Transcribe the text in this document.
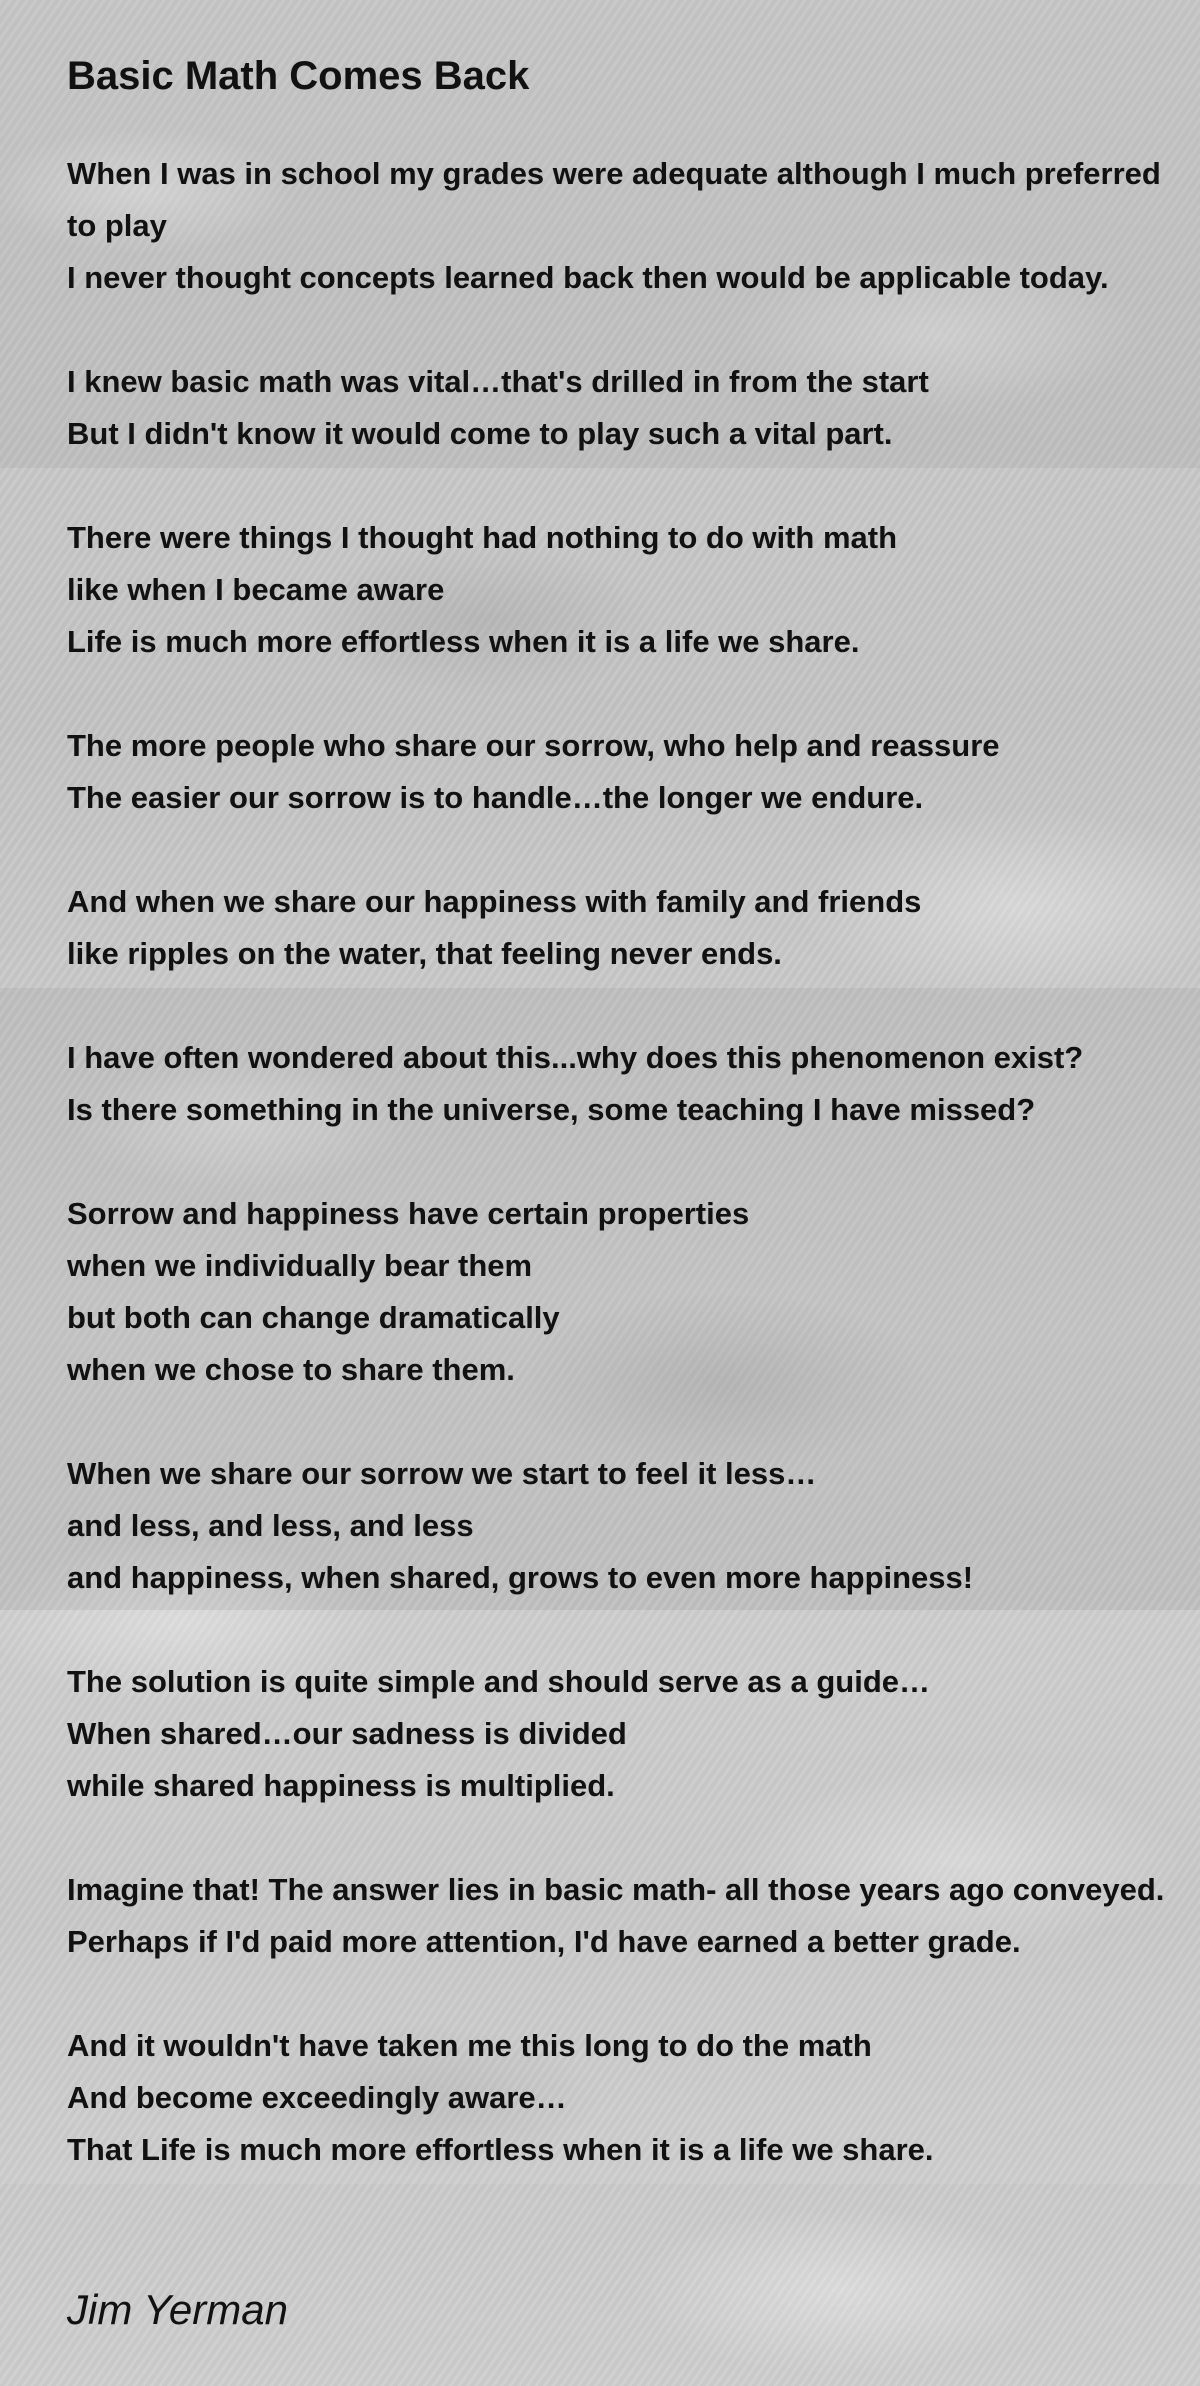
Basic Math Comes Back
When I was in school my grades were adequate although I much preferred
to play
I never thought concepts learned back then would be applicable today.
I knew basic math was vital…that's drilled in from the start
But I didn't know it would come to play such a vital part.
There were things I thought had nothing to do with math
like when I became aware
Life is much more effortless when it is a life we share.
The more people who share our sorrow, who help and reassure
The easier our sorrow is to handle…the longer we endure.
And when we share our happiness with family and friends
like ripples on the water, that feeling never ends.
I have often wondered about this...why does this phenomenon exist?
Is there something in the universe, some teaching I have missed?
Sorrow and happiness have certain properties
when we individually bear them
but both can change dramatically
when we chose to share them.
When we share our sorrow we start to feel it less…
and less, and less, and less
and happiness, when shared, grows to even more happiness!
The solution is quite simple and should serve as a guide…
When shared…our sadness is divided
while shared happiness is multiplied.
Imagine that! The answer lies in basic math- all those years ago conveyed.
Perhaps if I'd paid more attention, I'd have earned a better grade.
And it wouldn't have taken me this long to do the math
And become exceedingly aware…
That Life is much more effortless when it is a life we share.
Jim Yerman
